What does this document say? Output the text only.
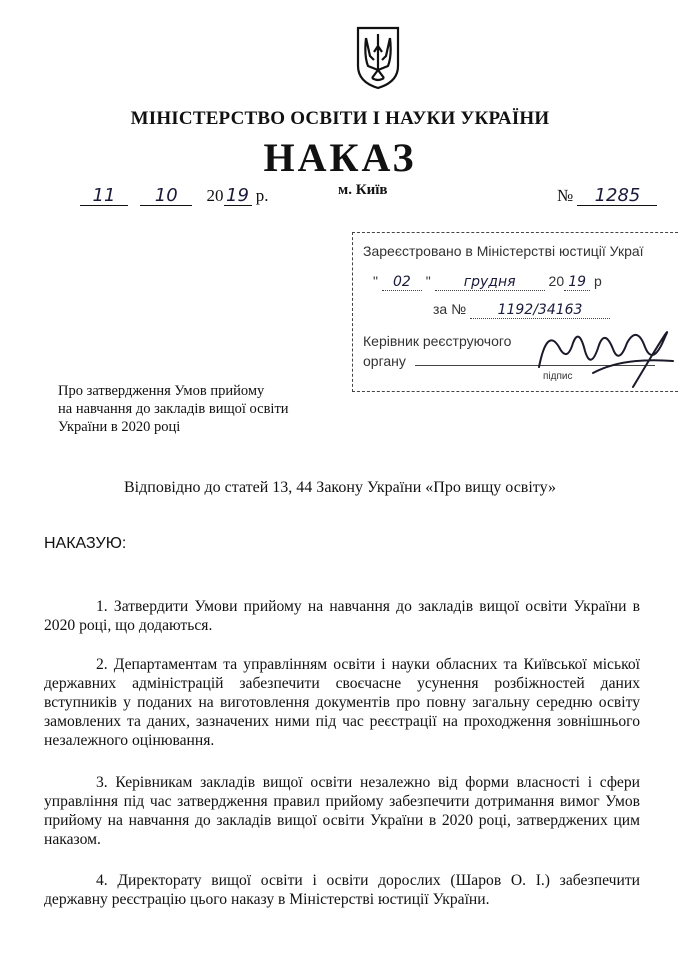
МІНІСТЕРСТВО ОСВІТИ І НАУКИ УКРАЇНИ
НАКАЗ
11 10 20 19 р.	м. Київ	№ 1285
Зареєстровано в Міністерстві юстиції Украї
" 02 " грудня 20 19 р
за № 1192/34163
Керівник реєструючого
органу
підпис
Про затвердження Умов прийому
на навчання до закладів вищої освіти
України в 2020 році
Відповідно до статей 13, 44 Закону України «Про вищу освіту»
НАКАЗУЮ:
1. Затвердити Умови прийому на навчання до закладів вищої освіти України в 2020 році, що додаються.
2. Департаментам та управлінням освіти і науки обласних та Київської міської державних адміністрацій забезпечити своєчасне усунення розбіжностей даних вступників у поданих на виготовлення документів про повну загальну середню освіту замовлених та даних, зазначених ними під час реєстрації на проходження зовнішнього незалежного оцінювання.
3. Керівникам закладів вищої освіти незалежно від форми власності і сфери управління під час затвердження правил прийому забезпечити дотримання вимог Умов прийому на навчання до закладів вищої освіти України в 2020 році, затверджених цим наказом.
4. Директорату вищої освіти і освіти дорослих (Шаров О. І.) забезпечити державну реєстрацію цього наказу в Міністерстві юстиції України.
